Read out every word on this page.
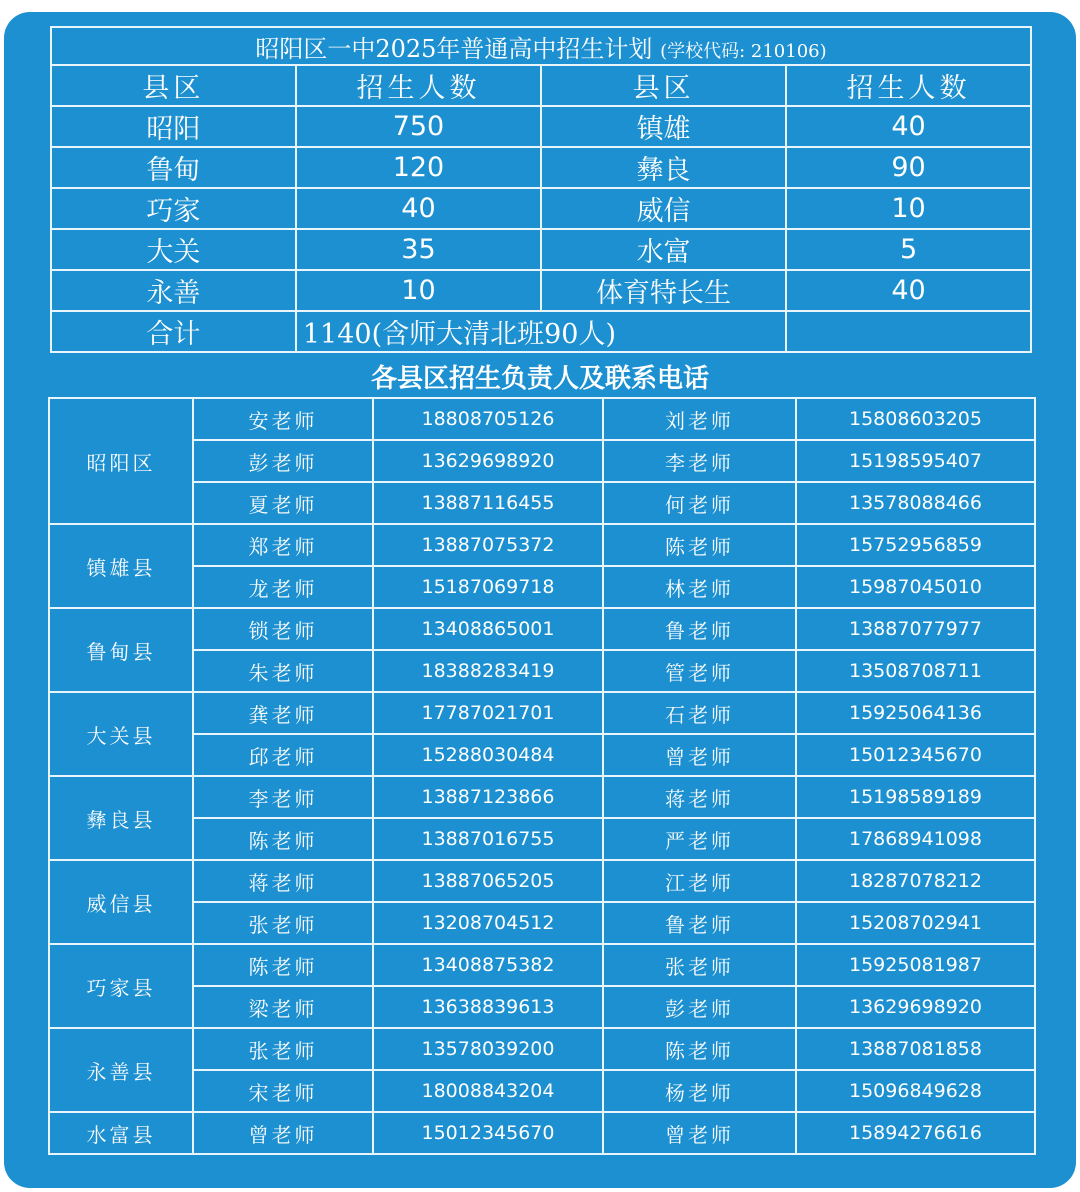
昭阳区一中2025年普通高中招生计划 (学校代码: 210106)			
县区	招生人数	县区	招生人数
昭阳	750	镇雄	40
鲁甸	120	彝良	90
巧家	40	威信	10
大关	35	水富	5
永善	10	体育特长生	40
合计	1140(含师大清北班90人)		
各县区招生负责人及联系电话
昭阳区	安老师	18808705126	刘老师	15808603205
	彭老师	13629698920	李老师	15198595407
	夏老师	13887116455	何老师	13578088466
镇雄县	郑老师	13887075372	陈老师	15752956859
	龙老师	15187069718	林老师	15987045010
鲁甸县	锁老师	13408865001	鲁老师	13887077977
	朱老师	18388283419	管老师	13508708711
大关县	龚老师	17787021701	石老师	15925064136
	邱老师	15288030484	曾老师	15012345670
彝良县	李老师	13887123866	蒋老师	15198589189
	陈老师	13887016755	严老师	17868941098
威信县	蒋老师	13887065205	江老师	18287078212
	张老师	13208704512	鲁老师	15208702941
巧家县	陈老师	13408875382	张老师	15925081987
	梁老师	13638839613	彭老师	13629698920
永善县	张老师	13578039200	陈老师	13887081858
	宋老师	18008843204	杨老师	15096849628
水富县	曾老师	15012345670	曾老师	15894276616
